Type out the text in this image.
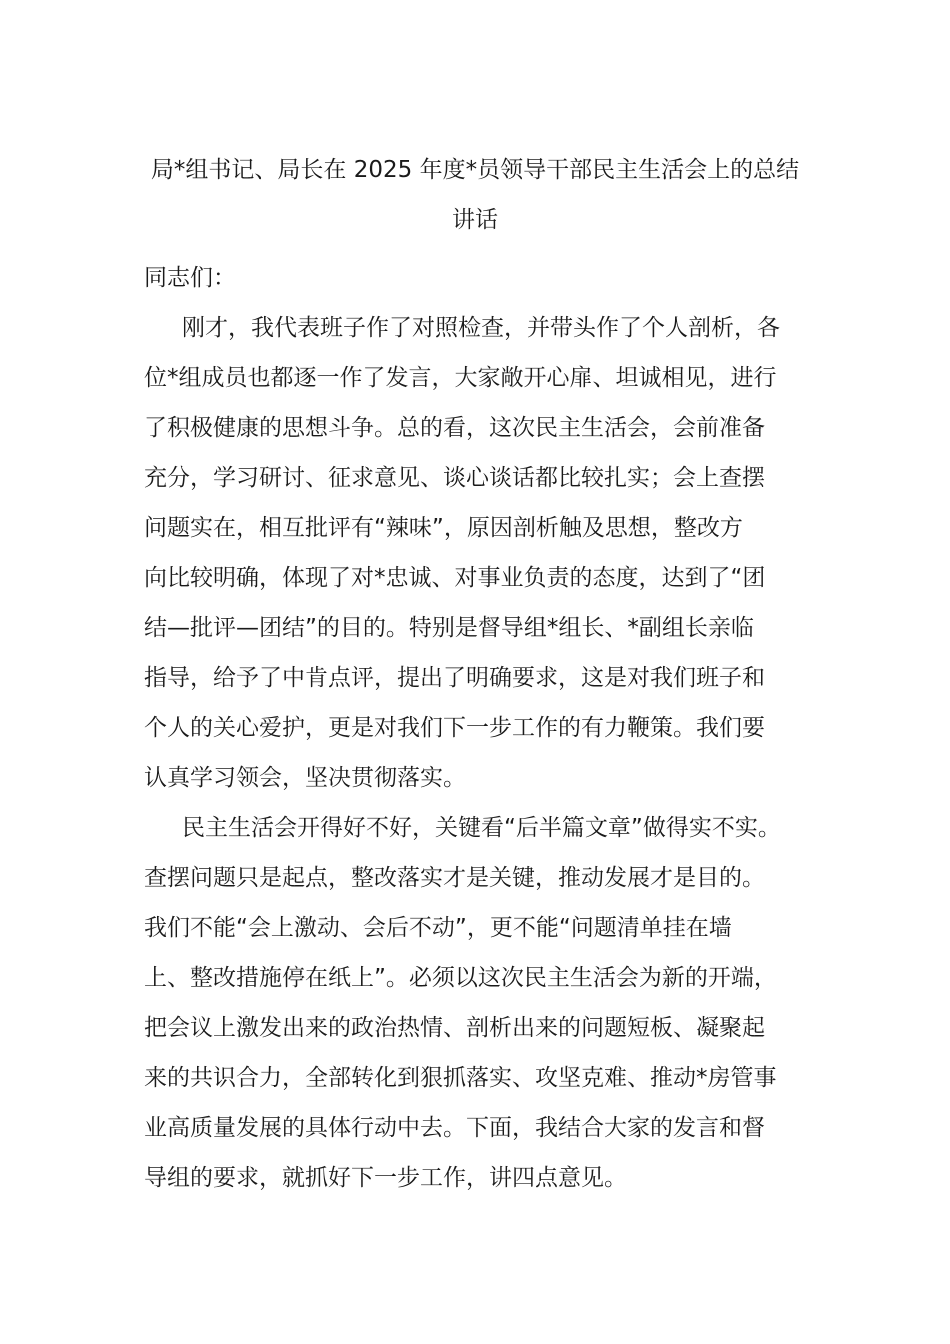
局*组书记、局长在 2025 年度*员领导干部民主生活会上的总结
讲话
同志们：
刚才，我代表班子作了对照检查，并带头作了个人剖析，各
位*组成员也都逐一作了发言，大家敞开心扉、坦诚相见，进行
了积极健康的思想斗争。总的看，这次民主生活会，会前准备
充分，学习研讨、征求意见、谈心谈话都比较扎实；会上查摆
问题实在，相互批评有“辣味”，原因剖析触及思想，整改方
向比较明确，体现了对*忠诚、对事业负责的态度，达到了“团
结—批评—团结”的目的。特别是督导组*组长、*副组长亲临
指导，给予了中肯点评，提出了明确要求，这是对我们班子和
个人的关心爱护，更是对我们下一步工作的有力鞭策。我们要
认真学习领会，坚决贯彻落实。
民主生活会开得好不好，关键看“后半篇文章”做得实不实。
查摆问题只是起点，整改落实才是关键，推动发展才是目的。
我们不能“会上激动、会后不动”，更不能“问题清单挂在墙
上、整改措施停在纸上”。必须以这次民主生活会为新的开端，
把会议上激发出来的政治热情、剖析出来的问题短板、凝聚起
来的共识合力，全部转化到狠抓落实、攻坚克难、推动*房管事
业高质量发展的具体行动中去。下面，我结合大家的发言和督
导组的要求，就抓好下一步工作，讲四点意见。
